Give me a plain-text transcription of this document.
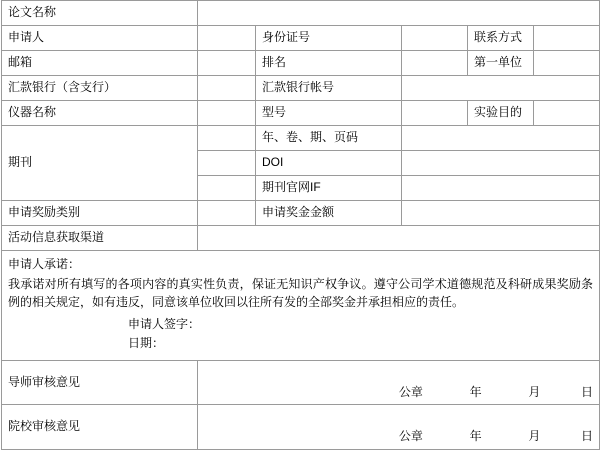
论文名称					

申请人		身份证号		联系方式	

邮箱		排名		第一单位	

汇款银行（含支行）		汇款银行帐号			

仪器名称		型号		实验目的	

期刊		年、卷、期、页码			

		DOI			

		期刊官网IF			

申请奖励类别		申请奖金金额			

活动信息获取渠道					

申请人承诺：

我承诺对所有填写的各项内容的真实性负责，保证无知识产权争议。遵守公司学术道德规范及科研成果奖励条例的相关规定，如有违反，同意该单位收回以往所有发的全部奖金并承担相应的责任。

申请人签字：
日期：					

导师审核意见	公章 年 月 日				

院校审核意见	公章 年 月 日				
